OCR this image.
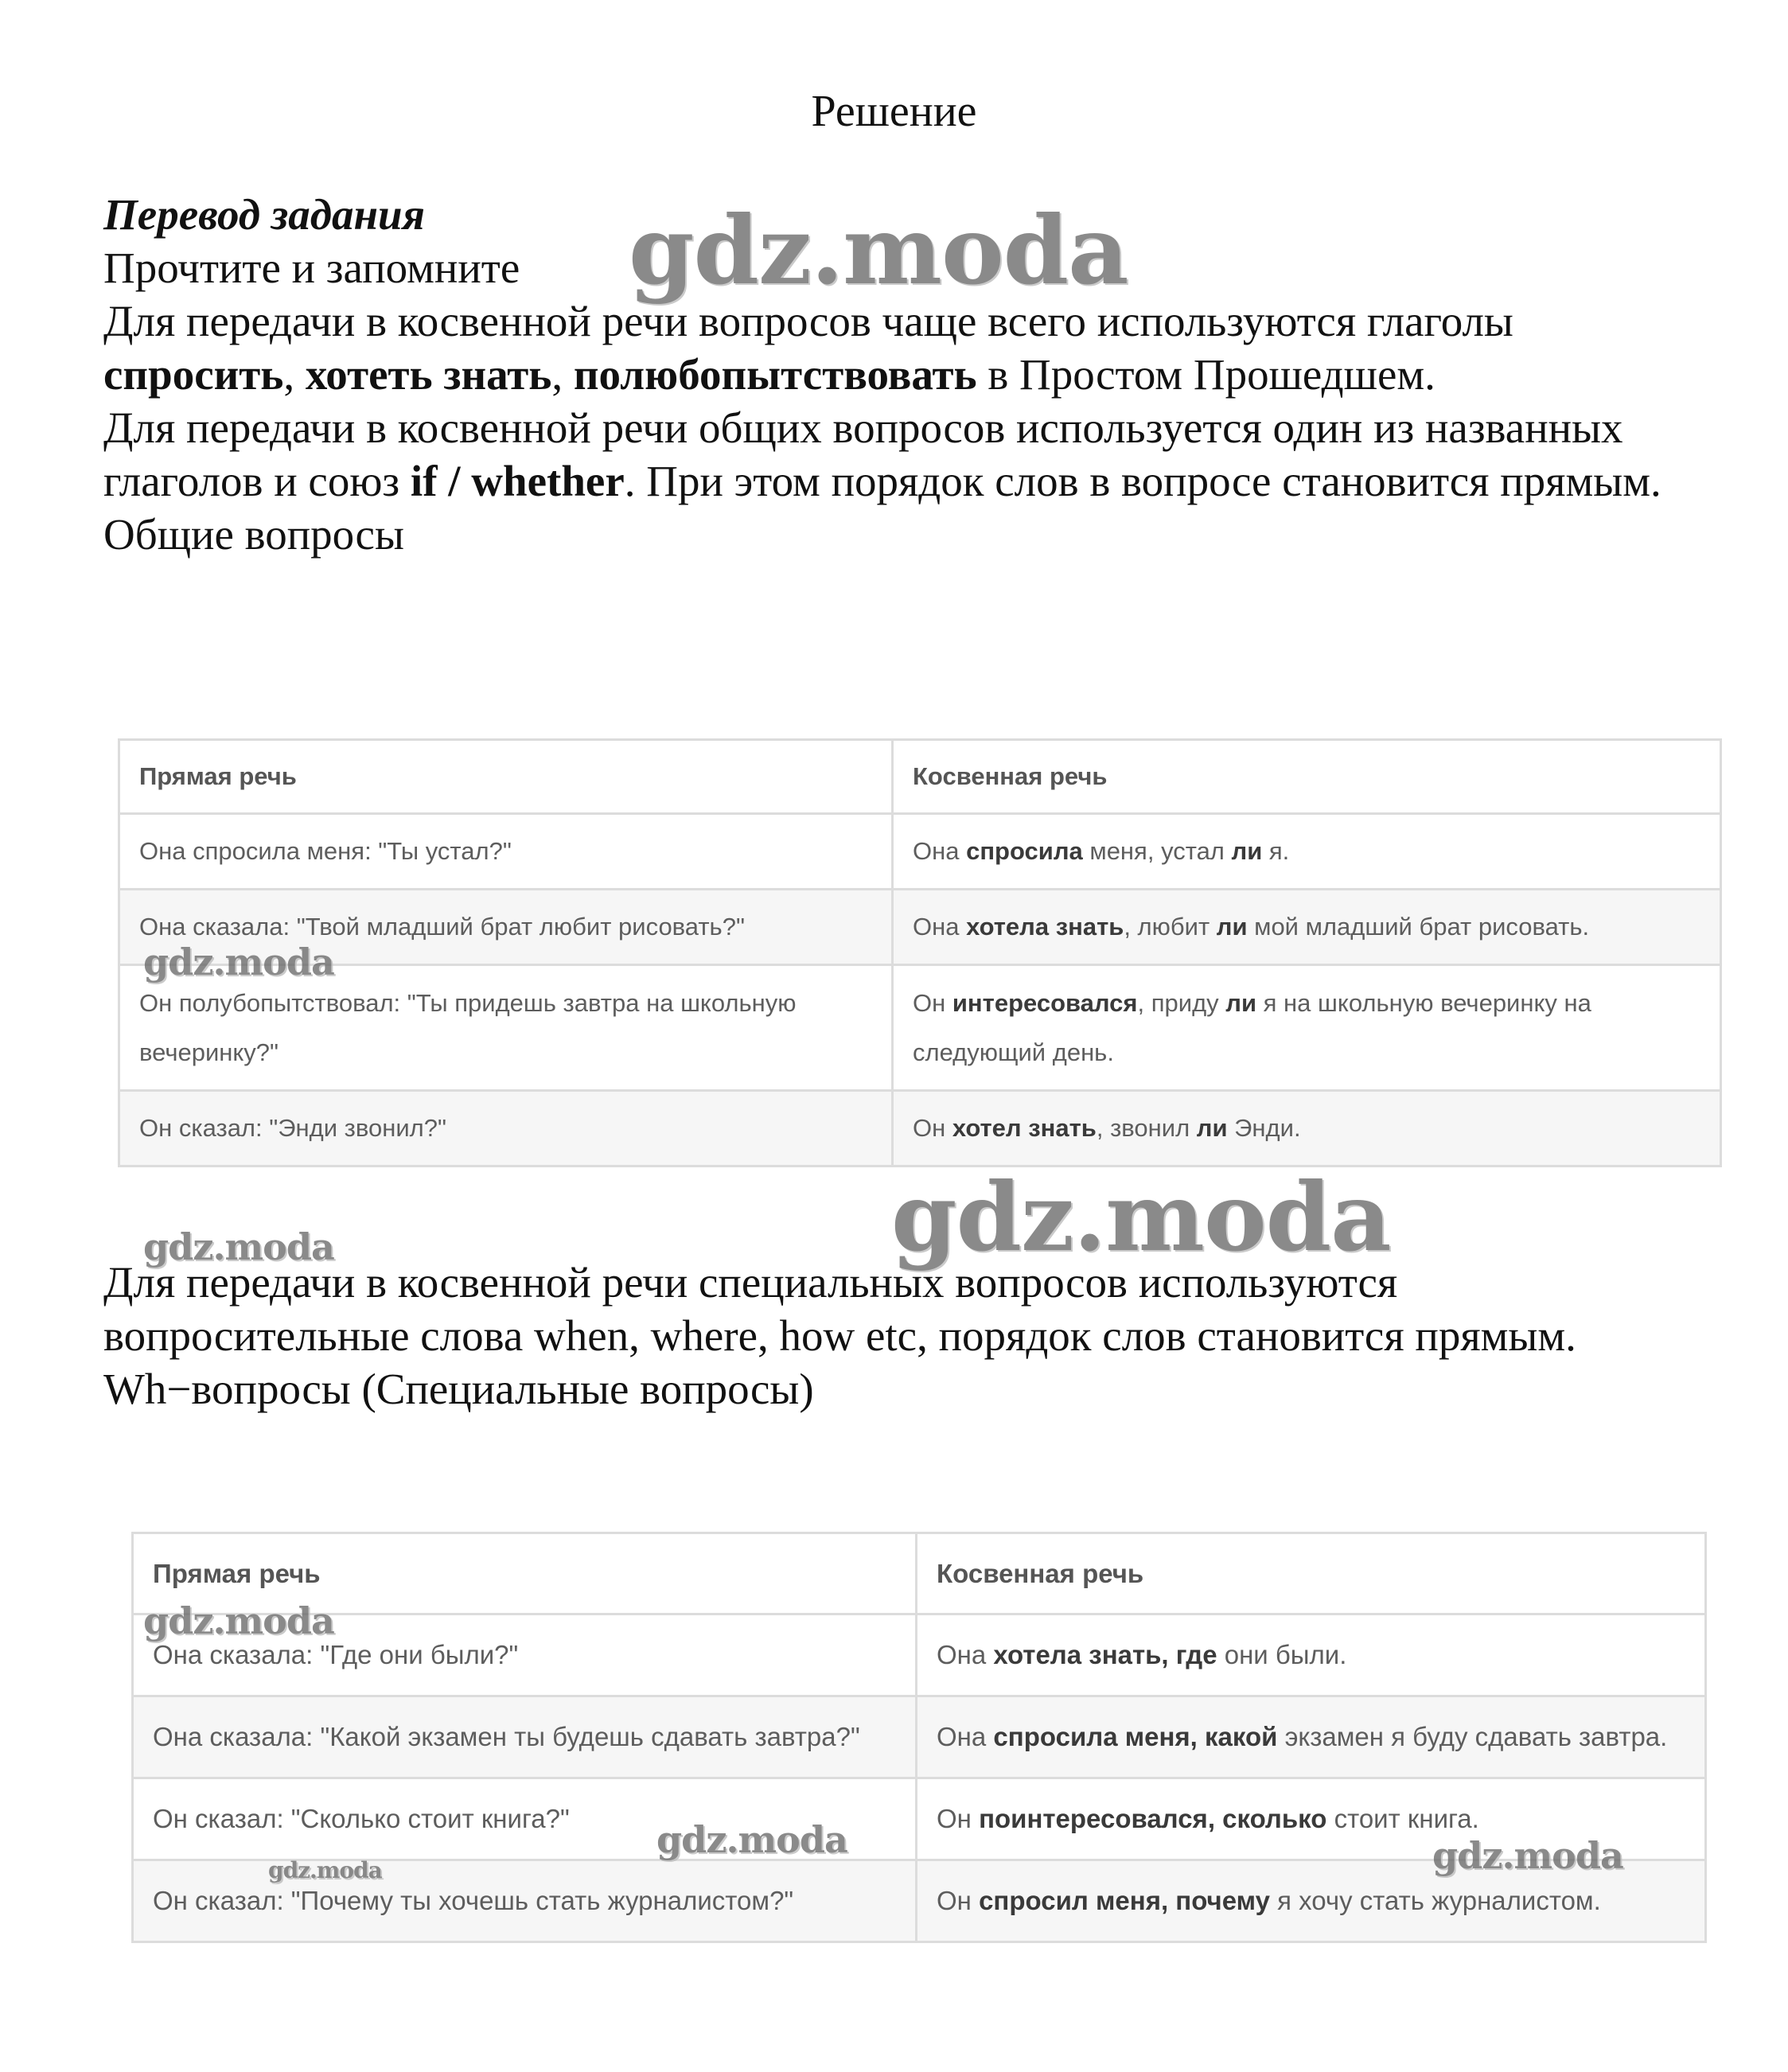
Решение

Перевод задания

Прочтите и запомните

Для передачи в косвенной речи вопросов чаще всего используются глаголы спросить, хотеть знать, полюбопытствовать в Простом Прошедшем.

Для передачи в косвенной речи общих вопросов используется один из названных глаголов и союз if / whether. При этом порядок слов в вопросе становится прямым.

Общие вопросы

Прямая речь	Косвенная речь
Она спросила меня: "Ты устал?"	Она спросила меня, устал ли я.
Она сказала: "Твой младший брат любит рисовать?"	Она хотела знать, любит ли мой младший брат рисовать.
Он полубопытствовал: "Ты придешь завтра на школьную вечеринку?"	Он интересовался, приду ли я на школьную вечеринку на следующий день.
Он сказал: "Энди звонил?"	Он хотел знать, звонил ли Энди.

Для передачи в косвенной речи специальных вопросов используются вопросительные слова when, where, how etc, порядок слов становится прямым.

Wh−вопросы (Специальные вопросы)

Прямая речь	Косвенная речь
Она сказала: "Где они были?"	Она хотела знать, где они были.
Она сказала: "Какой экзамен ты будешь сдавать завтра?"	Она спросила меня, какой экзамен я буду сдавать завтра.
Он сказал: "Сколько стоит книга?"	Он поинтересовался, сколько стоит книга.
Он сказал: "Почему ты хочешь стать журналистом?"	Он спросил меня, почему я хочу стать журналистом.
gdz.moda
gdz.moda
gdz.moda
gdz.moda
gdz.moda
gdz.moda
gdz.moda	gdz.moda
